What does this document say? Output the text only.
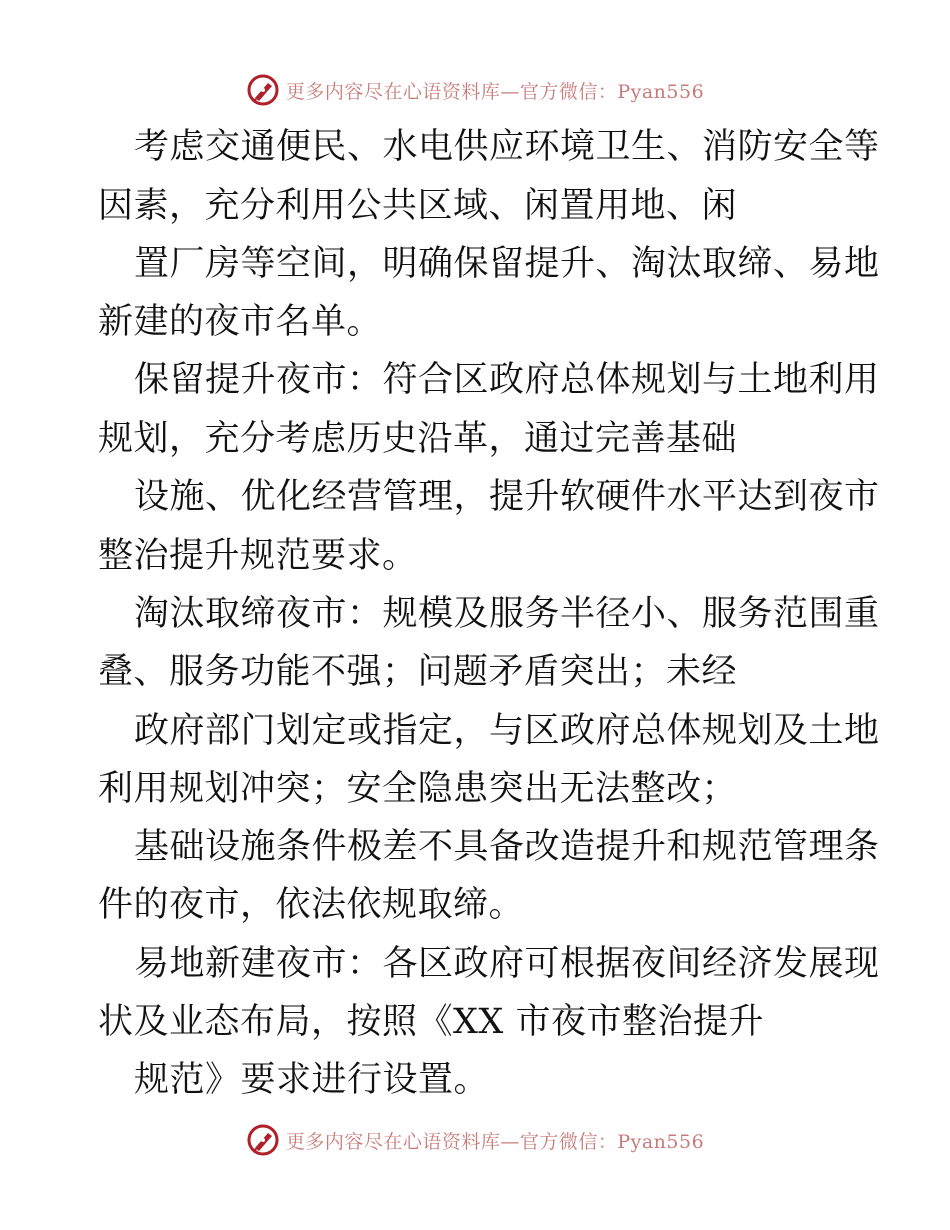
更多内容尽在心语资料库—官方微信：Pyan556
考虑交通便民、水电供应环境卫生、消防安全等
因素，充分利用公共区域、闲置用地、闲
置厂房等空间，明确保留提升、淘汰取缔、易地
新建的夜市名单。
保留提升夜市：符合区政府总体规划与土地利用
规划，充分考虑历史沿革，通过完善基础
设施、优化经营管理，提升软硬件水平达到夜市
整治提升规范要求。
淘汰取缔夜市：规模及服务半径小、服务范围重
叠、服务功能不强；问题矛盾突出；未经
政府部门划定或指定，与区政府总体规划及土地
利用规划冲突；安全隐患突出无法整改；
基础设施条件极差不具备改造提升和规范管理条
件的夜市，依法依规取缔。
易地新建夜市：各区政府可根据夜间经济发展现
状及业态布局，按照《XX 市夜市整治提升
规范》要求进行设置。
更多内容尽在心语资料库—官方微信：Pyan556
